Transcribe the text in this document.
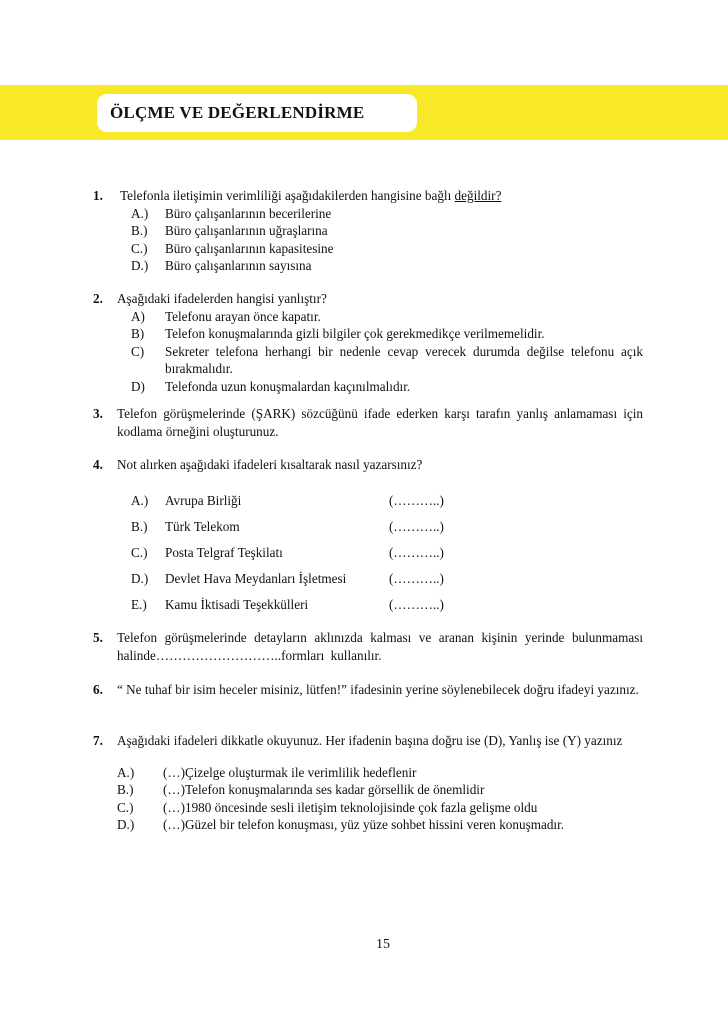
ÖLÇME VE DEĞERLENDİRME
1. Telefonla iletişimin verimliliği aşağıdakilerden hangisine bağlı değildir?
A.) Büro çalışanlarının becerilerine
B.) Büro çalışanlarının uğraşlarına
C.) Büro çalışanlarının kapasitesine
D.) Büro çalışanlarının sayısına
2. Aşağıdaki ifadelerden hangisi yanlıştır?
A) Telefonu arayan önce kapatır.
B) Telefon konuşmalarında gizli bilgiler çok gerekmedikçe verilmemelidir.
C) Sekreter telefona herhangi bir nedenle cevap verecek durumda değilse telefonu açık bırakmalıdır.
D) Telefonda uzun konuşmalardan kaçınılmalıdır.
3. Telefon görüşmelerinde (ŞARK) sözcüğünü ifade ederken karşı tarafın yanlış anlamaması için kodlama örneğini oluşturunuz.
4. Not alırken aşağıdaki ifadeleri kısaltarak nasıl yazarsınız?
A.) Avrupa Birliği	(………..)
B.) Türk Telekom	(………..)
C.) Posta Telgraf Teşkilatı	(………..)
D.) Devlet Hava Meydanları İşletmesi	(………..)
E.) Kamu İktisadi Teşekkülleri	(………..)
5. Telefon görüşmelerinde detayların aklınızda kalması ve aranan kişinin yerinde bulunmaması halinde………………………..formları kullanılır.
6. “ Ne tuhaf bir isim heceler misiniz, lütfen!” ifadesinin yerine söylenebilecek doğru ifadeyi yazınız.
7. Aşağıdaki ifadeleri dikkatle okuyunuz. Her ifadenin başına doğru ise (D), Yanlış ise (Y) yazınız
A.) (…)Çizelge oluşturmak ile verimlilik hedeflenir
B.) (…)Telefon konuşmalarında ses kadar görsellik de önemlidir
C.) (…)1980 öncesinde sesli iletişim teknolojisinde çok fazla gelişme oldu
D.) (…)Güzel bir telefon konuşması, yüz yüze sohbet hissini veren konuşmadır.
15
